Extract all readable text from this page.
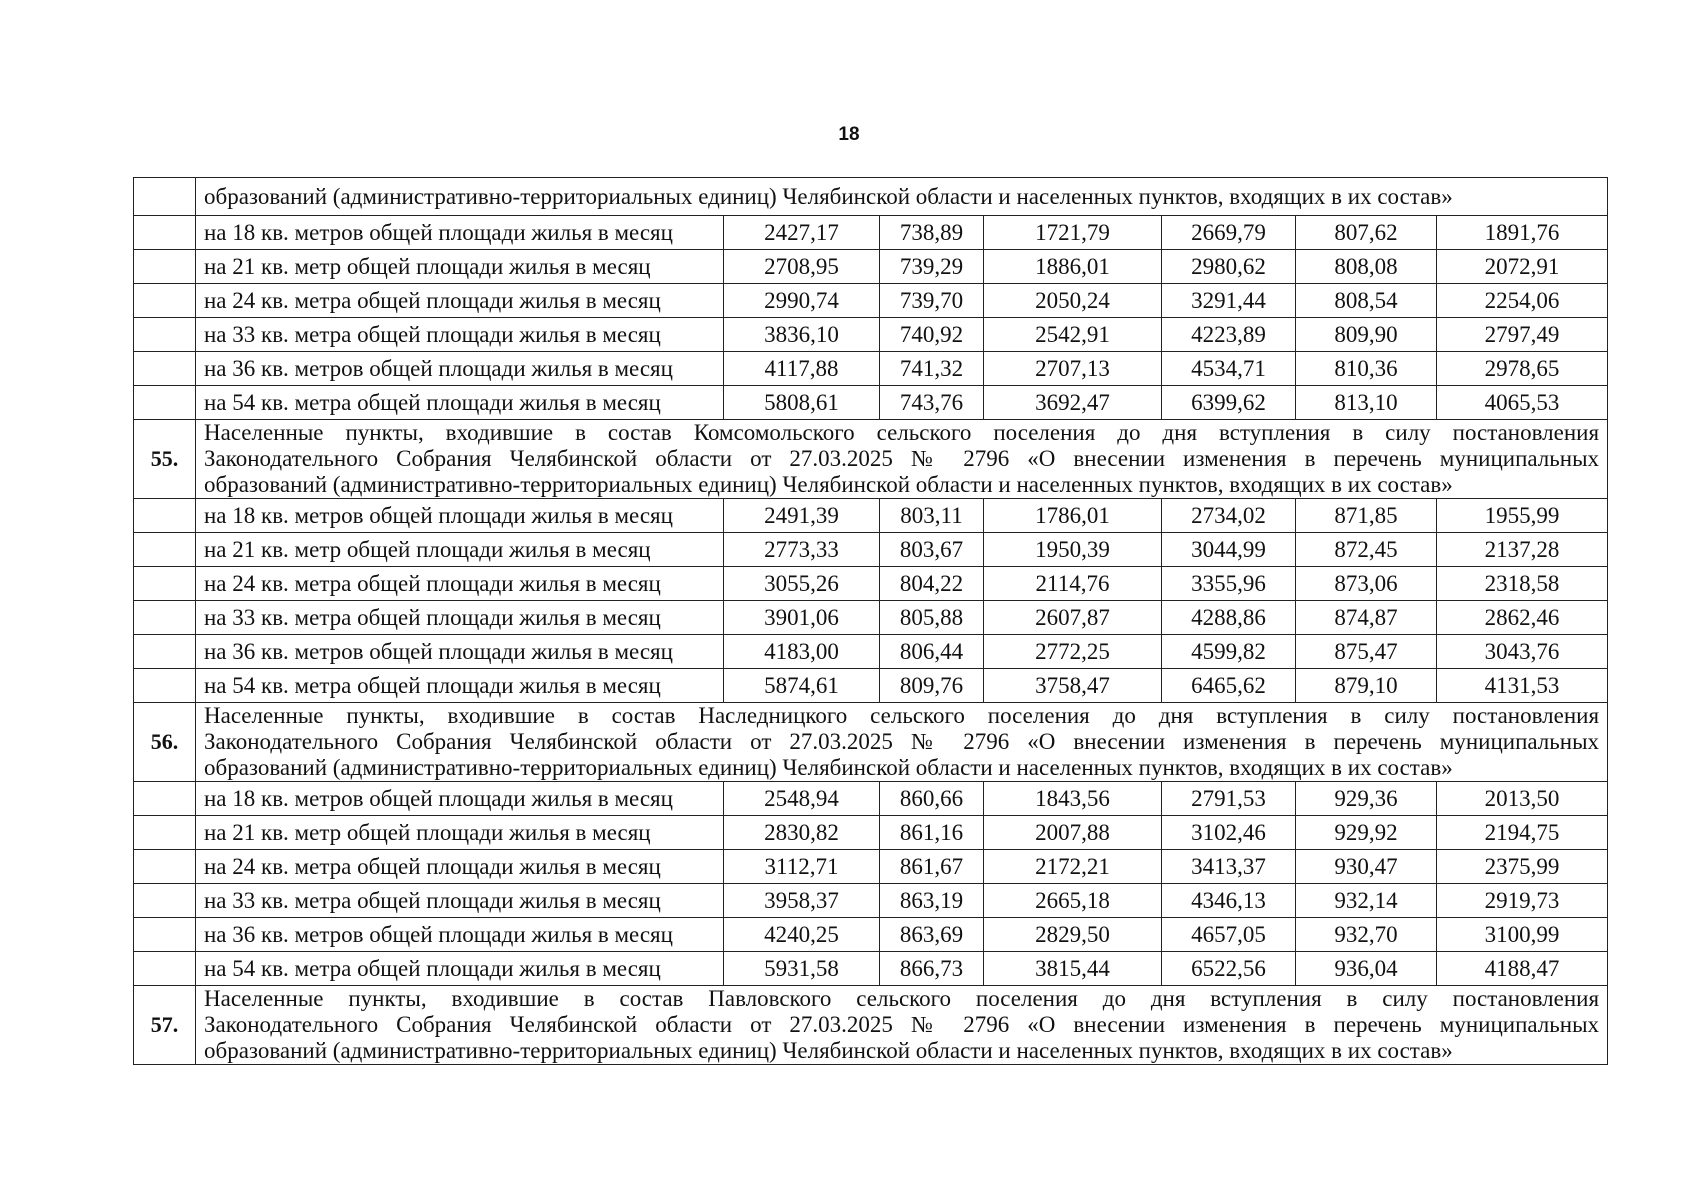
18
	образований (административно-территориальных единиц) Челябинской области и населенных пунктов, входящих в их состав»						
	на 18 кв. метров общей площади жилья в месяц	2427,17	738,89	1721,79	2669,79	807,62	1891,76
	на 21 кв. метр общей площади жилья в месяц	2708,95	739,29	1886,01	2980,62	808,08	2072,91
	на 24 кв. метра общей площади жилья в месяц	2990,74	739,70	2050,24	3291,44	808,54	2254,06
	на 33 кв. метра общей площади жилья в месяц	3836,10	740,92	2542,91	4223,89	809,90	2797,49
	на 36 кв. метров общей площади жилья в месяц	4117,88	741,32	2707,13	4534,71	810,36	2978,65
	на 54 кв. метра общей площади жилья в месяц	5808,61	743,76	3692,47	6399,62	813,10	4065,53
55.	Населенные пункты, входившие в состав Комсомольского сельского поселения до дня вступления в силу постановления
Законодательного Собрания Челябинской области от 27.03.2025 № 2796 «О внесении изменения в перечень муниципальных
образований (административно-территориальных единиц) Челябинской области и населенных пунктов, входящих в их состав»						

	на 18 кв. метров общей площади жилья в месяц	2491,39	803,11	1786,01	2734,02	871,85	1955,99
	на 21 кв. метр общей площади жилья в месяц	2773,33	803,67	1950,39	3044,99	872,45	2137,28
	на 24 кв. метра общей площади жилья в месяц	3055,26	804,22	2114,76	3355,96	873,06	2318,58
	на 33 кв. метра общей площади жилья в месяц	3901,06	805,88	2607,87	4288,86	874,87	2862,46
	на 36 кв. метров общей площади жилья в месяц	4183,00	806,44	2772,25	4599,82	875,47	3043,76
	на 54 кв. метра общей площади жилья в месяц	5874,61	809,76	3758,47	6465,62	879,10	4131,53
56.	Населенные пункты, входившие в состав Наследницкого сельского поселения до дня вступления в силу постановления
Законодательного Собрания Челябинской области от 27.03.2025 № 2796 «О внесении изменения в перечень муниципальных
образований (административно-территориальных единиц) Челябинской области и населенных пунктов, входящих в их состав»						

	на 18 кв. метров общей площади жилья в месяц	2548,94	860,66	1843,56	2791,53	929,36	2013,50
	на 21 кв. метр общей площади жилья в месяц	2830,82	861,16	2007,88	3102,46	929,92	2194,75
	на 24 кв. метра общей площади жилья в месяц	3112,71	861,67	2172,21	3413,37	930,47	2375,99
	на 33 кв. метра общей площади жилья в месяц	3958,37	863,19	2665,18	4346,13	932,14	2919,73
	на 36 кв. метров общей площади жилья в месяц	4240,25	863,69	2829,50	4657,05	932,70	3100,99
	на 54 кв. метра общей площади жилья в месяц	5931,58	866,73	3815,44	6522,56	936,04	4188,47
57.	Населенные пункты, входившие в состав Павловского сельского поселения до дня вступления в силу постановления
Законодательного Собрания Челябинской области от 27.03.2025 № 2796 «О внесении изменения в перечень муниципальных
образований (административно-территориальных единиц) Челябинской области и населенных пунктов, входящих в их состав»						
